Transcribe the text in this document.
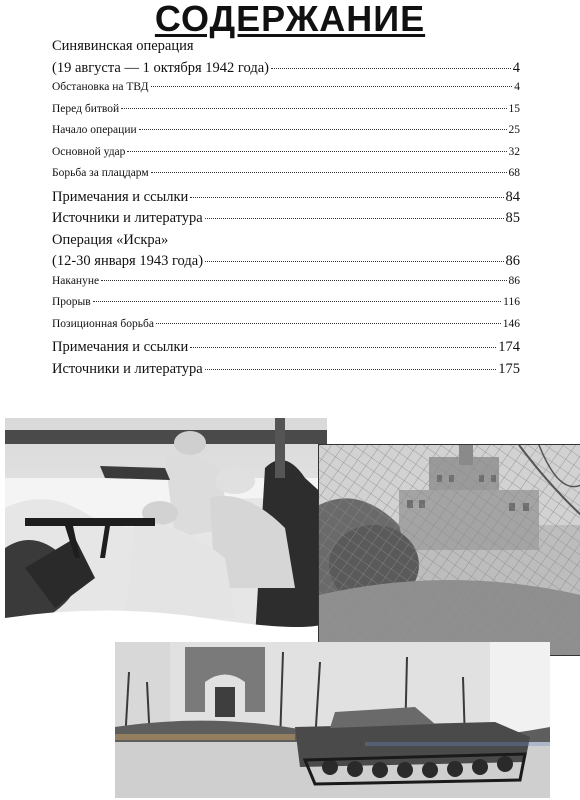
СОДЕРЖАНИЕ
Синявинская операция
(19 августа — 1 октября 1942 года)	4
Обстановка на ТВД	4
Перед битвой	15
Начало операции	25
Основной удар	32
Борьба за плацдарм	68
Примечания и ссылки	84
Источники и литература	85
Операция «Искра»
(12-30 января 1943 года)	86
Накануне	86
Прорыв	116
Позиционная борьба	146
Примечания и ссылки	174
Источники и литература	175
